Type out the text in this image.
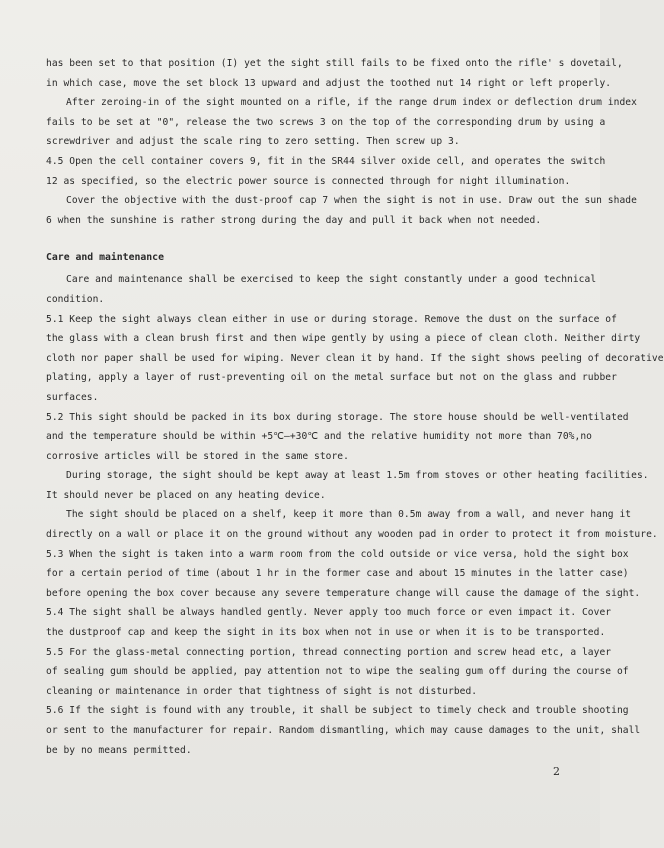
has been set to that position (I) yet the sight still fails to be fixed onto the rifle' s dovetail,
in which case, move the set block 13 upward and adjust the toothed nut 14 right or left properly.
After zeroing-in of the sight mounted on a rifle, if the range drum index or deflection drum index
fails to be set at "0", release the two screws 3 on the top of the corresponding drum by using a
screwdriver and adjust the scale ring to zero setting. Then screw up 3.
4.5 Open the cell container covers 9, fit in the SR44 silver oxide cell, and operates the switch
12 as specified, so the electric power source is connected through for night illumination.
Cover the objective with the dust-proof cap 7 when the sight is not in use. Draw out the sun shade
6 when the sunshine is rather strong during the day and pull it back when not needed.
Care and maintenance
Care and maintenance shall be exercised to keep the sight constantly under a good technical
condition.
5.1 Keep the sight always clean either in use or during storage. Remove the dust on the surface of
the glass with a clean brush first and then wipe gently by using a piece of clean cloth. Neither dirty
cloth nor paper shall be used for wiping. Never clean it by hand. If the sight shows peeling of decorative
plating, apply a layer of rust-preventing oil on the metal surface but not on the glass and rubber
surfaces.
5.2 This sight should be packed in its box during storage. The store house should be well-ventilated
and the temperature should be within +5℃—+30℃ and the relative humidity not more than 70%,no
corrosive articles will be stored in the same store.
During storage, the sight should be kept away at least 1.5m from stoves or other heating facilities.
It should never be placed on any heating device.
The sight should be placed on a shelf, keep it more than 0.5m away from a wall, and never hang it
directly on a wall or place it on the ground without any wooden pad in order to protect it from moisture.
5.3 When the sight is taken into a warm room from the cold outside or vice versa, hold the sight box
for a certain period of time (about 1 hr in the former case and about 15 minutes in the latter case)
before opening the box cover because any severe temperature change will cause the damage of the sight.
5.4 The sight shall be always handled gently. Never apply too much force or even impact it. Cover
the dustproof cap and keep the sight in its box when not in use or when it is to be transported.
5.5 For the glass-metal connecting portion, thread connecting portion and screw head etc, a layer
of sealing gum should be applied, pay attention not to wipe the sealing gum off during the course of
cleaning or maintenance in order that tightness of sight is not disturbed.
5.6 If the sight is found with any trouble, it shall be subject to timely check and trouble shooting
or sent to the manufacturer for repair. Random dismantling, which may cause damages to the unit, shall
be by no means permitted.
2
